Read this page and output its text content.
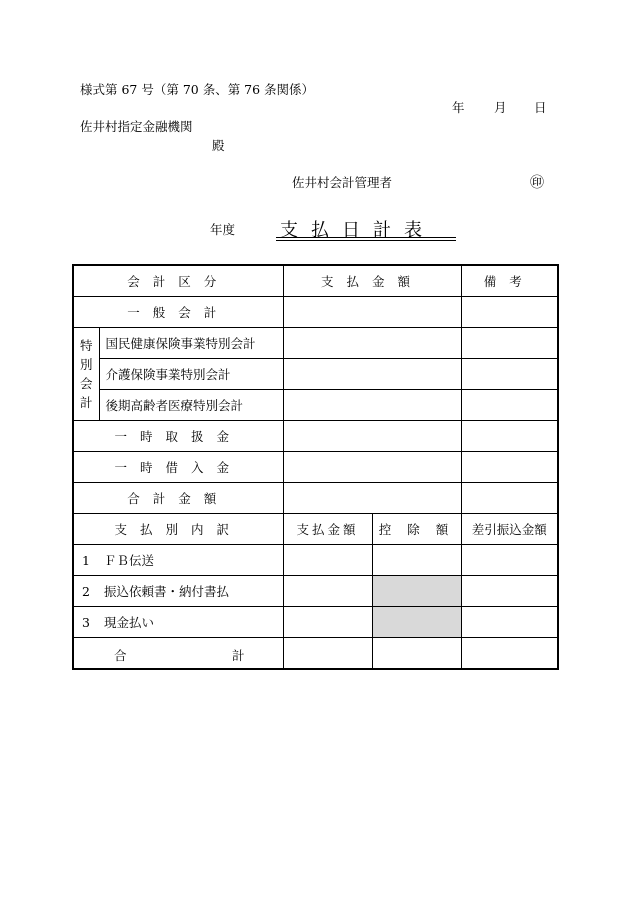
様式第 67 号（第 70 条、第 76 条関係）
年 月 日
佐井村指定金融機関
殿
佐井村会計管理者	㊞
年度 支払日計表
会計区分		支払金額		備考
一般会計				
特別会計	国民健康保険事業特別会計			
	介護保険事業特別会計			
	後期高齢者医療特別会計			
一時取扱金				
一時借入金				
合計金額				
支払別内訳		支払金額	控 除 額	差引振込金額
1 ＦＢ伝送				
2 振込依頼書・納付書払				
3 現金払い				

合 計				
